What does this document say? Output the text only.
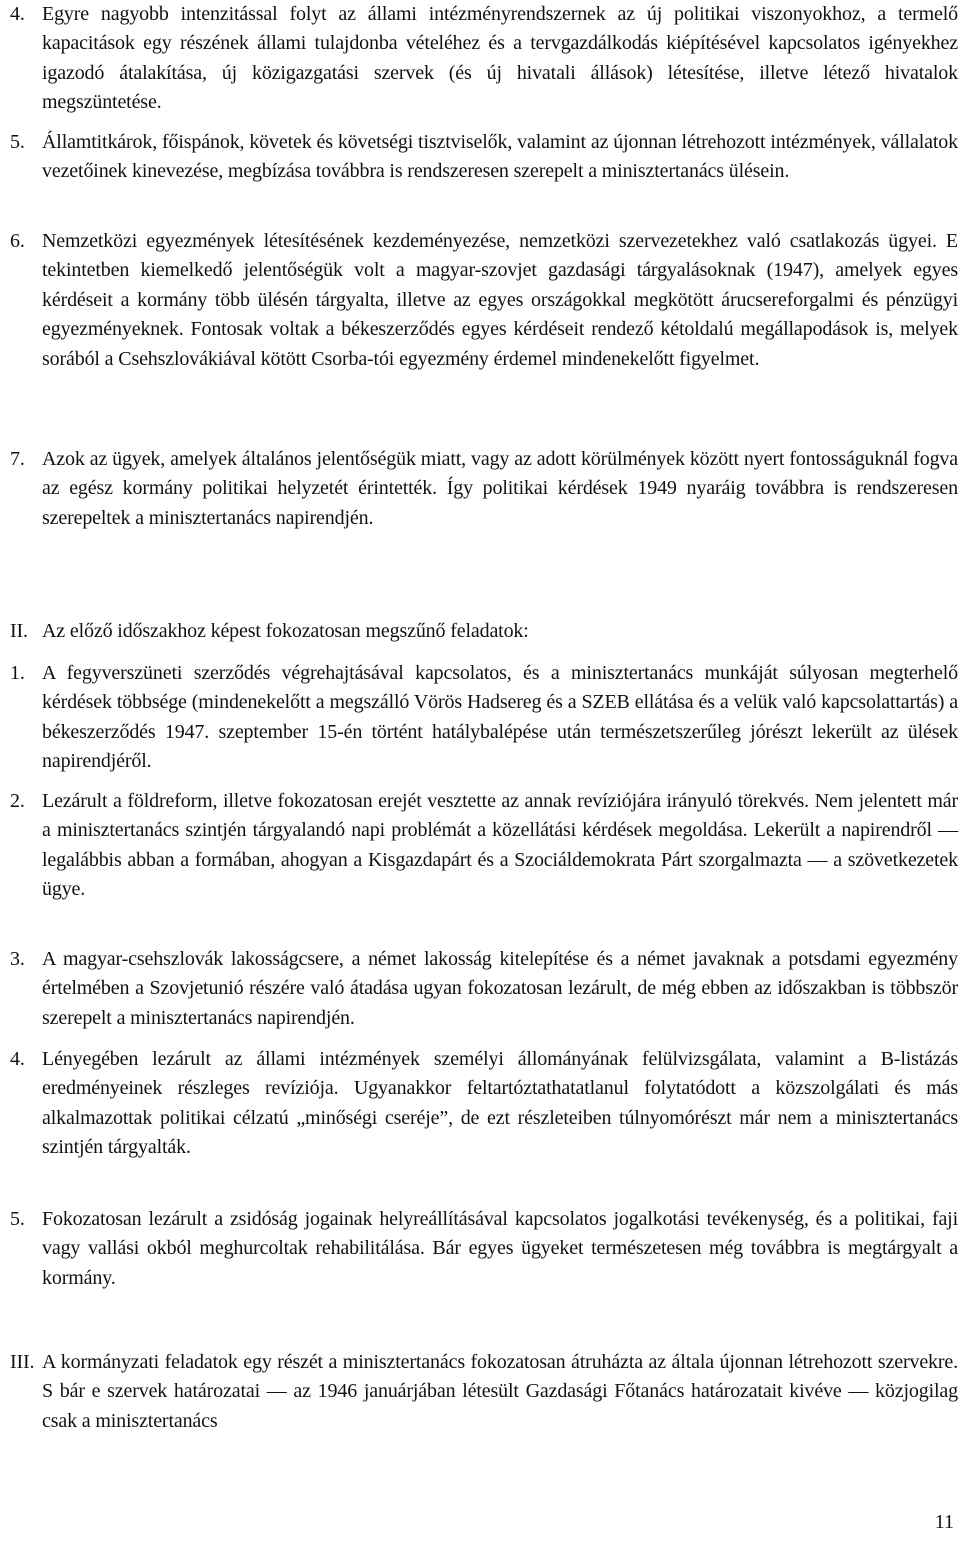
4. Egyre nagyobb intenzitással folyt az állami intézményrendszernek az új politikai viszonyokhoz, a termelő kapacitások egy részének állami tulajdonba vételéhez és a tervgazdálkodás kiépítésével kapcsolatos igényekhez igazodó átalakítása, új közigazgatási szervek (és új hivatali állások) létesítése, illetve létező hivatalok megszüntetése.
5. Államtitkárok, főispánok, követek és követségi tisztviselők, valamint az újonnan létrehozott intézmények, vállalatok vezetőinek kinevezése, megbízása továbbra is rendszeresen szerepelt a minisztertanács ülésein.
6. Nemzetközi egyezmények létesítésének kezdeményezése, nemzetközi szervezetekhez való csatlakozás ügyei. E tekintetben kiemelkedő jelentőségük volt a magyar-szovjet gazdasági tárgyalásoknak (1947), amelyek egyes kérdéseit a kormány több ülésén tárgyalta, illetve az egyes országokkal megkötött árucsereforgalmi és pénzügyi egyezményeknek. Fontosak voltak a békeszerződés egyes kérdéseit rendező kétoldalú megállapodások is, melyek sorából a Csehszlovákiával kötött Csorba-tói egyezmény érdemel mindenekelőtt figyelmet.
7. Azok az ügyek, amelyek általános jelentőségük miatt, vagy az adott körülmények között nyert fontosságuknál fogva az egész kormány politikai helyzetét érintették. Így politikai kérdések 1949 nyaráig továbbra is rendszeresen szerepeltek a minisztertanács napirendjén.
II. Az előző időszakhoz képest fokozatosan megszűnő feladatok:
1. A fegyverszüneti szerződés végrehajtásával kapcsolatos, és a minisztertanács munkáját súlyosan megterhelő kérdések többsége (mindenekelőtt a megszálló Vörös Hadsereg és a SZEB ellátása és a velük való kapcsolattartás) a békeszerződés 1947. szeptember 15-én történt hatálybalépése után természetszerűleg jórészt lekerült az ülések napirendjéről.
2. Lezárult a földreform, illetve fokozatosan erejét vesztette az annak revíziójára irányuló törekvés. Nem jelentett már a minisztertanács szintjén tárgyalandó napi problémát a közellátási kérdések megoldása. Lekerült a napirendről — legalábbis abban a formában, ahogyan a Kisgazdapárt és a Szociáldemokrata Párt szorgalmazta — a szövetkezetek ügye.
3. A magyar-csehszlovák lakosságcsere, a német lakosság kitelepítése és a német javaknak a potsdami egyezmény értelmében a Szovjetunió részére való átadása ugyan fokozatosan lezárult, de még ebben az időszakban is többször szerepelt a minisztertanács napirendjén.
4. Lényegében lezárult az állami intézmények személyi állományának felülvizsgálata, valamint a B-listázás eredményeinek részleges revíziója. Ugyanakkor feltartóztathatatlanul folytatódott a közszolgálati és más alkalmazottak politikai célzatú „minőségi cseréje”, de ezt részleteiben túlnyomórészt már nem a minisztertanács szintjén tárgyalták.
5. Fokozatosan lezárult a zsidóság jogainak helyreállításával kapcsolatos jogalkotási tevékenység, és a politikai, faji vagy vallási okból meghurcoltak rehabilitálása. Bár egyes ügyeket természetesen még továbbra is megtárgyalt a kormány.
III. A kormányzati feladatok egy részét a minisztertanács fokozatosan átruházta az általa újonnan létrehozott szervekre. S bár e szervek határozatai — az 1946 januárjában létesült Gazdasági Főtanács határozatait kivéve — közjogilag csak a minisztertanács
11
